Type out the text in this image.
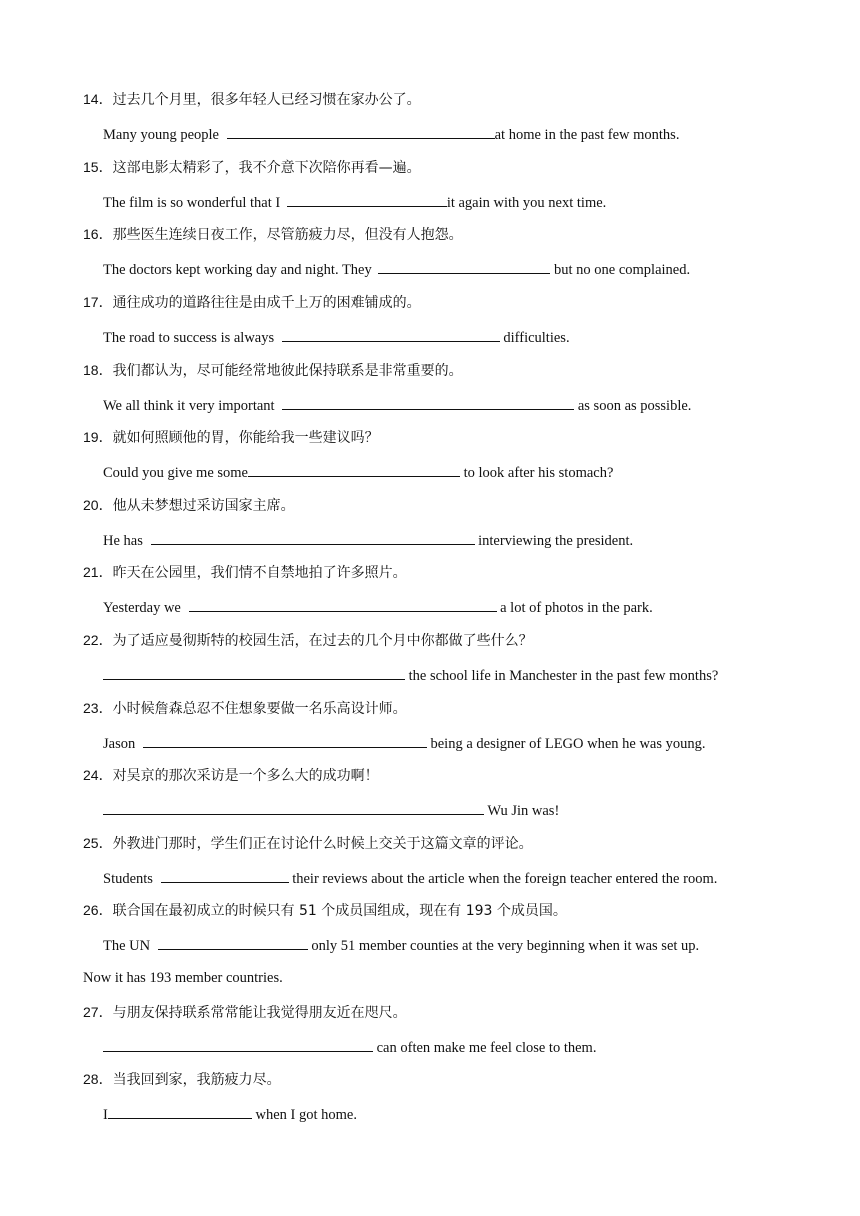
14．过去几个月里，很多年轻人已经习惯在家办公了。
Many young people	at home in the past few months.
15．这部电影太精彩了，我不介意下次陪你再看—遍。
The film is so wonderful that I	it again with you next time.
16．那些医生连续日夜工作，尽管筋疲力尽，但没有人抱怨。
The doctors kept working day and night. They	but no one complained.
17．通往成功的道路往往是由成千上万的困难铺成的。
The road to success is always	difficulties.
18．我们都认为，尽可能经常地彼此保持联系是非常重要的。
We all think it very important	as soon as possible.
19．就如何照顾他的胃，你能给我一些建议吗？
Could you give me some	to look after his stomach?
20．他从未梦想过采访国家主席。
He has	interviewing the president.
21．昨天在公园里，我们情不自禁地拍了许多照片。
Yesterday we	a lot of photos in the park.
22．为了适应曼彻斯特的校园生活，在过去的几个月中你都做了些什么？
the school life in Manchester in the past few months?
23．小时候詹森总忍不住想象要做一名乐高设计师。
Jason	being a designer of LEGO when he was young.
24．对吴京的那次采访是一个多么大的成功啊！
Wu Jin was!
25．外教进门那时，学生们正在讨论什么时候上交关于这篇文章的评论。
Students	their reviews about the article when the foreign teacher entered the room.
26．联合国在最初成立的时候只有 51 个成员国组成，现在有 193 个成员国。
The UN	only 51 member counties at the very beginning when it was set up.
Now it has 193 member countries.
27．与朋友保持联系常常能让我觉得朋友近在咫尺。
can often make me feel close to them.
28．当我回到家，我筋疲力尽。
I	when I got home.
